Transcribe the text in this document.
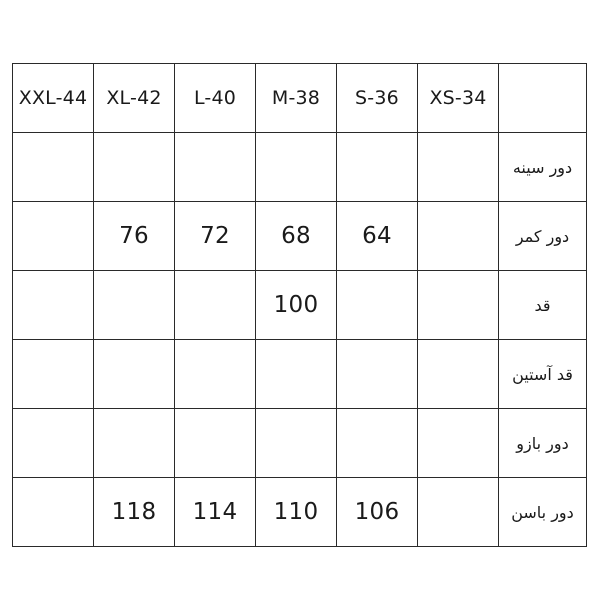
XXL-44	XL-42	L-40	M-38	S-36	XS-34	
						دور سینه
	76	72	68	64		دور کمر
			100			قد
						قد آستین
						دور بازو
	118	114	110	106		دور باسن
